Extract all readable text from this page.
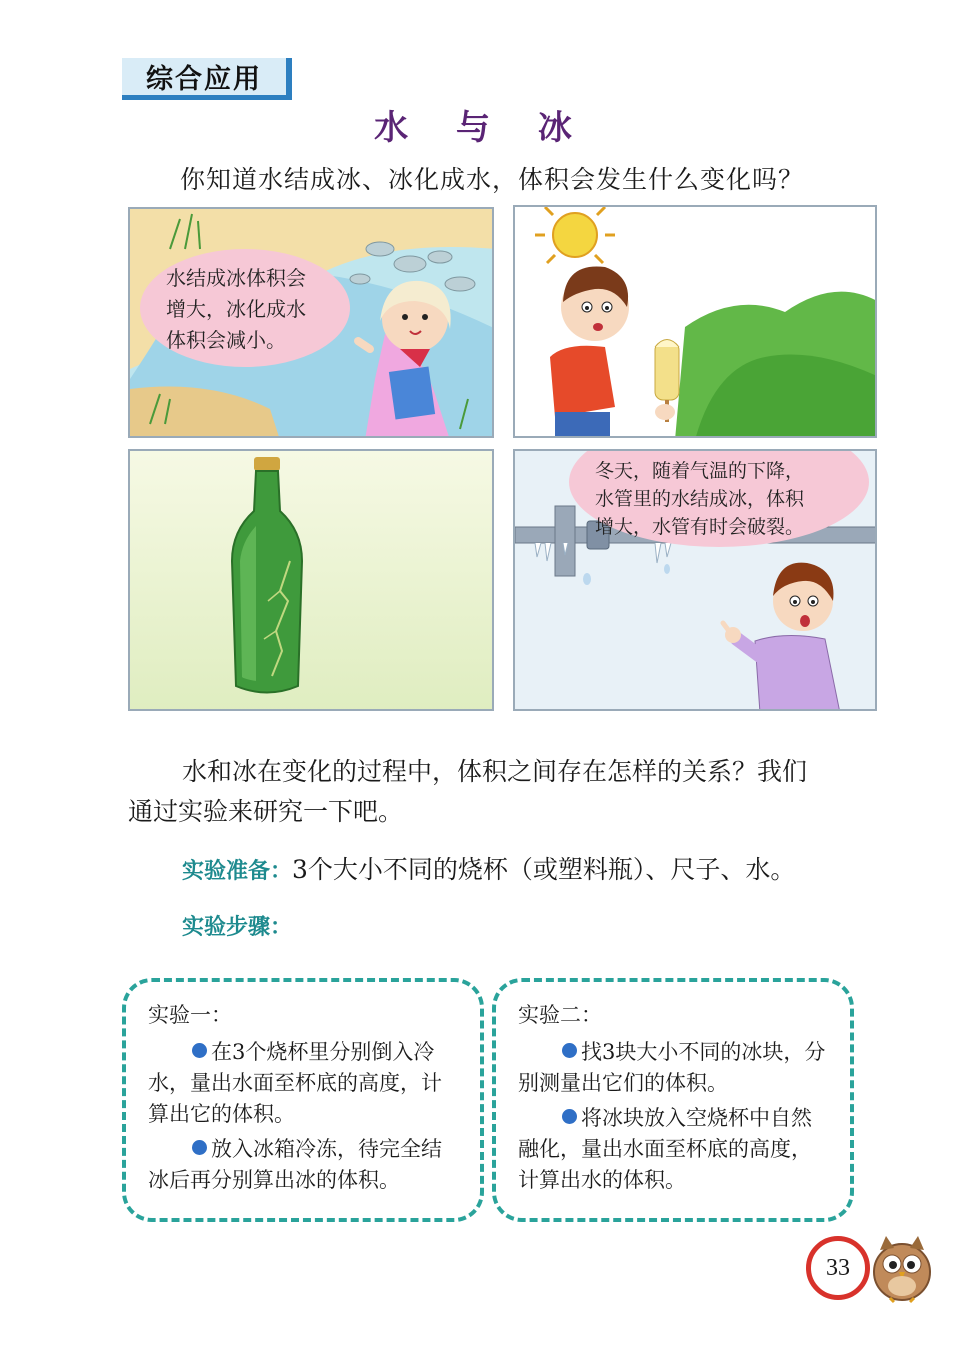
综合应用
水 与 冰
你知道水结成冰、冰化成水，体积会发生什么变化吗？
水结成冰体积会
增大，冰化成水
体积会减小。
冬天，随着气温的下降，
水管里的水结成冰，体积
增大，水管有时会破裂。
水和冰在变化的过程中，体积之间存在怎样的关系？我们
通过实验来研究一下吧。
实验准备：3个大小不同的烧杯（或塑料瓶）、尺子、水。
实验步骤：
实验一：
在3个烧杯里分别倒入冷水，量出水面至杯底的高度，计算出它的体积。
放入冰箱冷冻，待完全结冰后再分别算出冰的体积。
实验二：
找3块大小不同的冰块，分别测量出它们的体积。
将冰块放入空烧杯中自然融化，量出水面至杯底的高度，计算出水的体积。
33
